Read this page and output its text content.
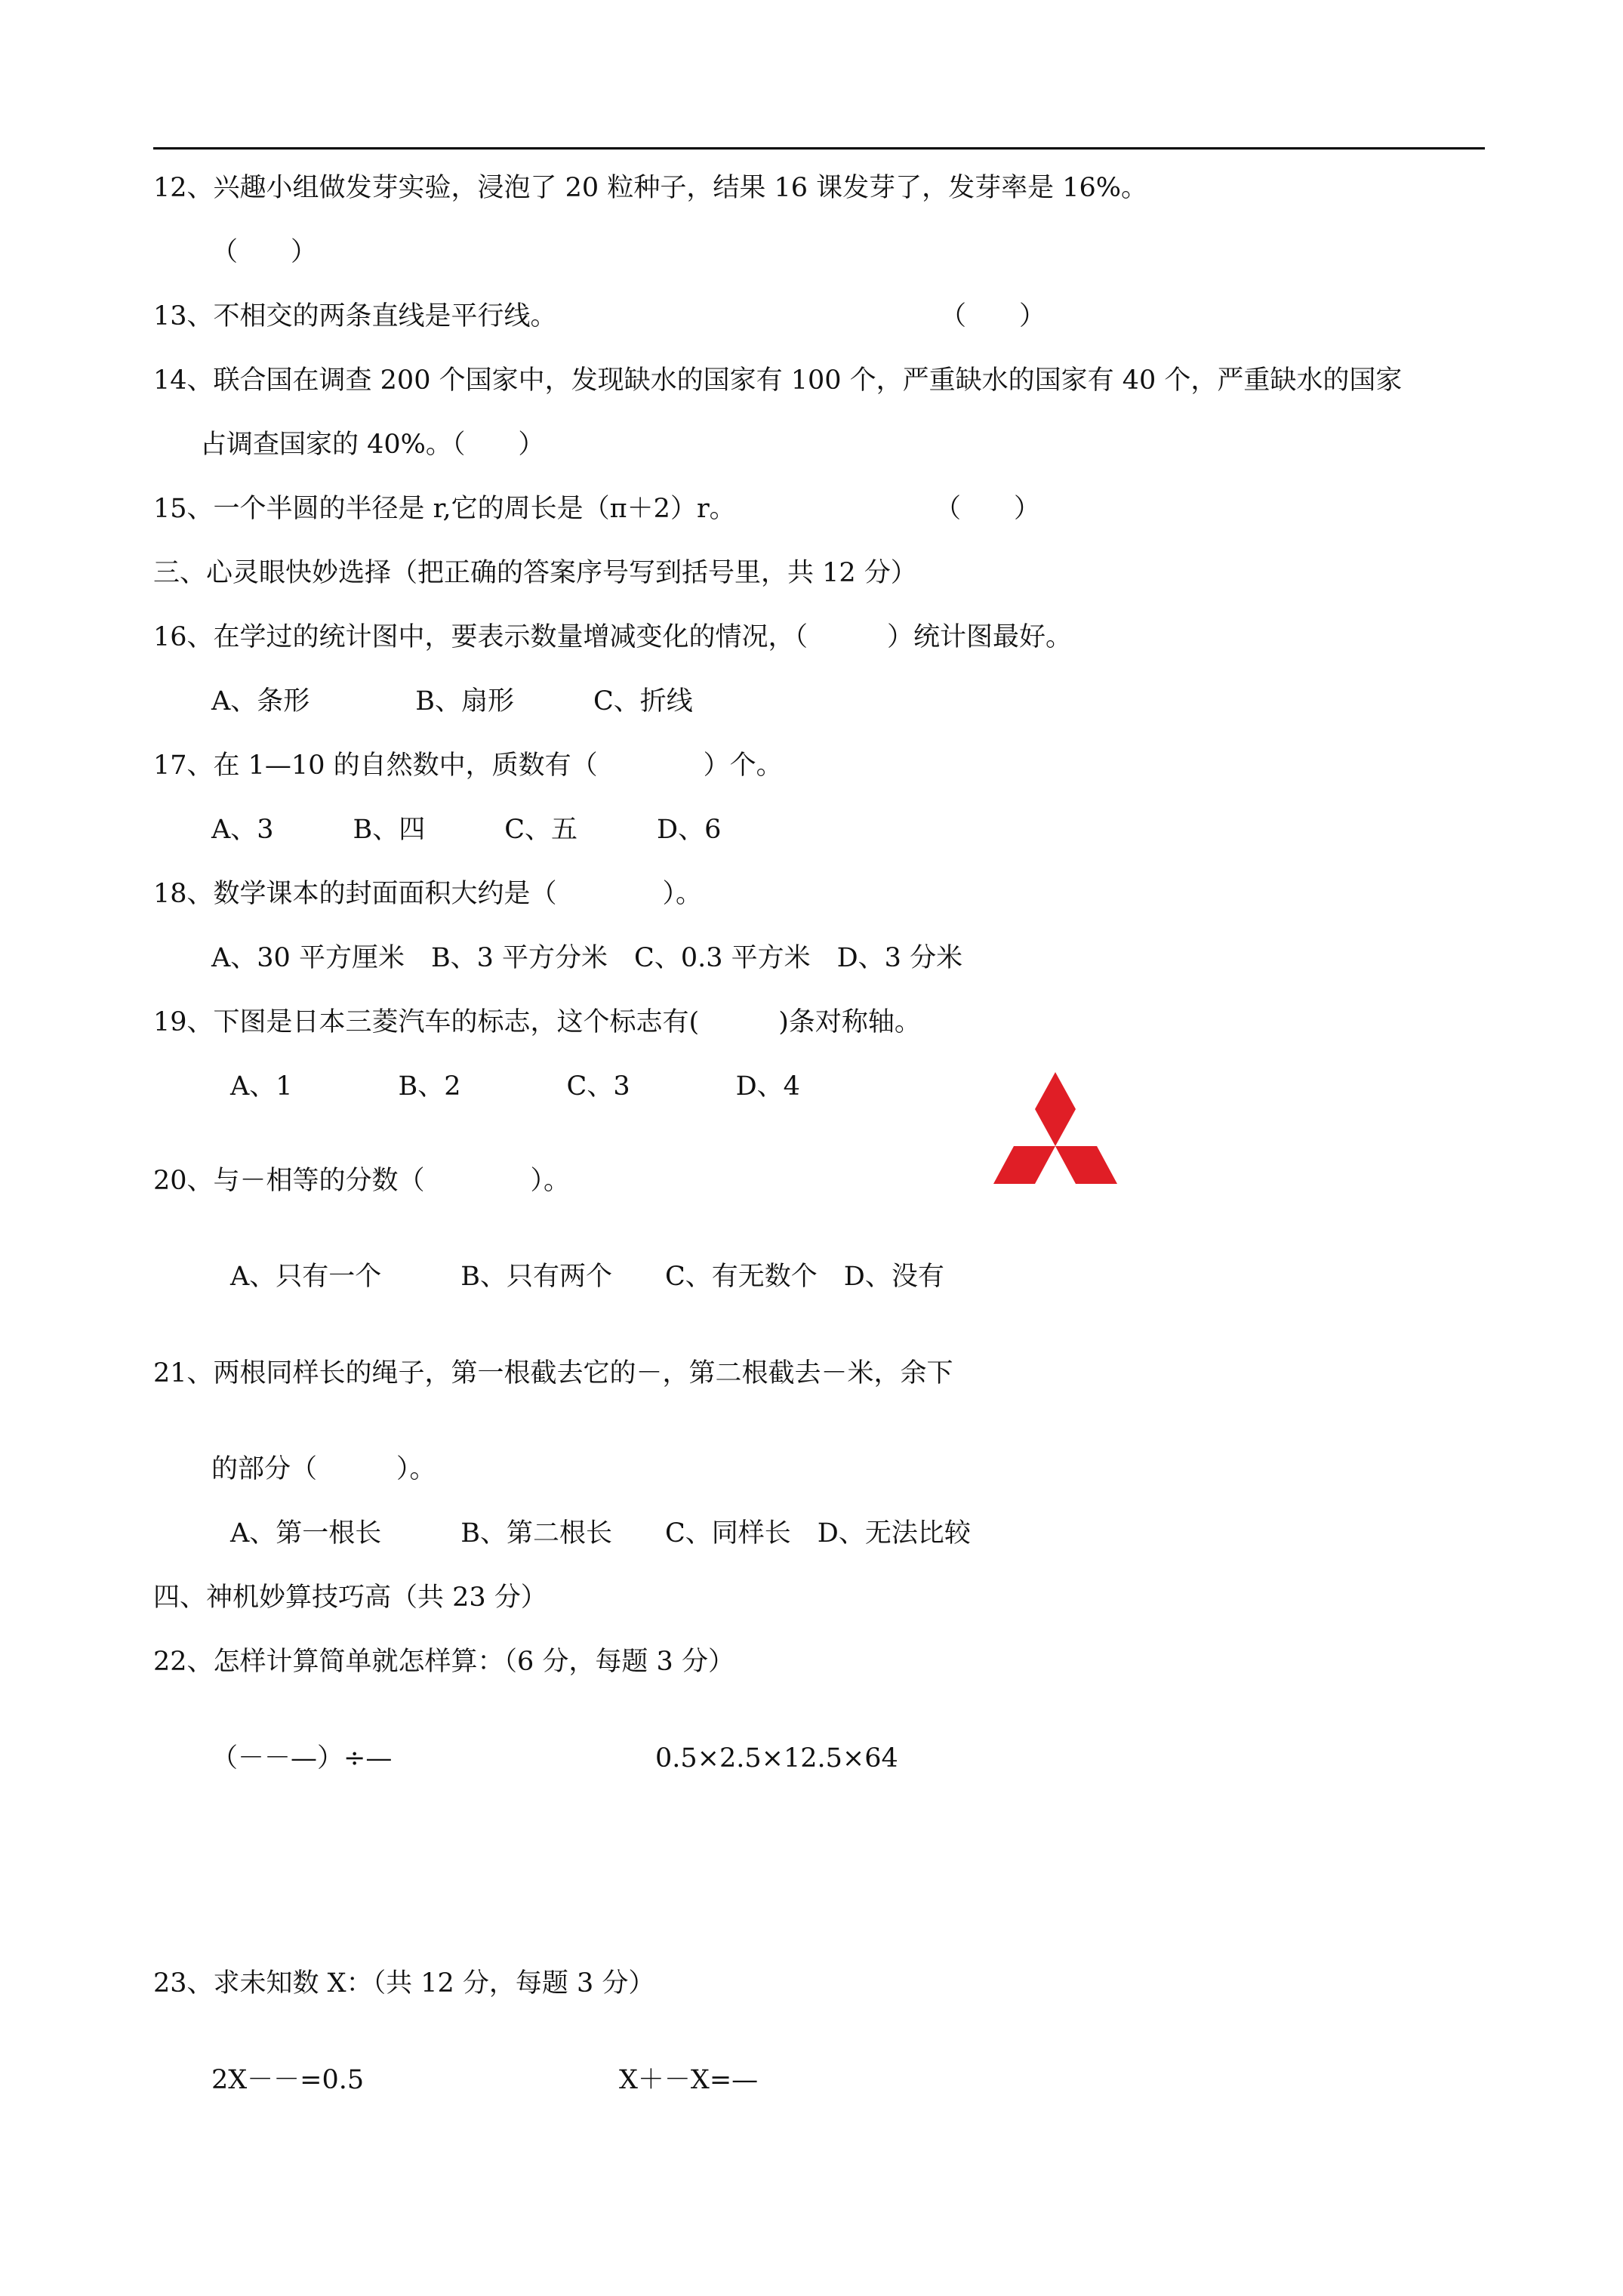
12、兴趣小组做发芽实验，浸泡了 20 粒种子，结果 16 课发芽了，发芽率是 16%。
（　　）
13、不相交的两条直线是平行线。	（　　）
14、联合国在调查 200 个国家中，发现缺水的国家有 100 个，严重缺水的国家有 40 个，严重缺水的国家
占调查国家的 40%。（　　）
15、一个半圆的半径是 r,它的周长是（π＋2）r。	（　　）
三、心灵眼快妙选择（把正确的答案序号写到括号里，共 12 分）
16、在学过的统计图中，要表示数量增减变化的情况，（　　　）统计图最好。
A、条形　　　　B、扇形　　　C、折线
17、在 1—10 的自然数中，质数有（　　　　）个。
A、3　　　B、四　　　C、五　　　D、6
18、数学课本的封面面积大约是（　　　　）。
A、30 平方厘米　B、3 平方分米　C、0.3 平方米　D、3 分米
19、下图是日本三菱汽车的标志，这个标志有(　　　)条对称轴。
A、1　　　　B、2　　　　C、3　　　　D、4
20、与－相等的分数（　　　　）。
A、只有一个　　　B、只有两个　　C、有无数个　D、没有
21、两根同样长的绳子，第一根截去它的－，第二根截去－米，余下
的部分（　　　）。
A、第一根长　　　B、第二根长　　C、同样长　D、无法比较
四、神机妙算技巧高（共 23 分）
22、怎样计算简单就怎样算：（6 分，每题 3 分）
（－－—）÷—	0.5×2.5×12.5×64
23、求未知数 X：（共 12 分，每题 3 分）
2X－－=0.5	X＋－X=—
